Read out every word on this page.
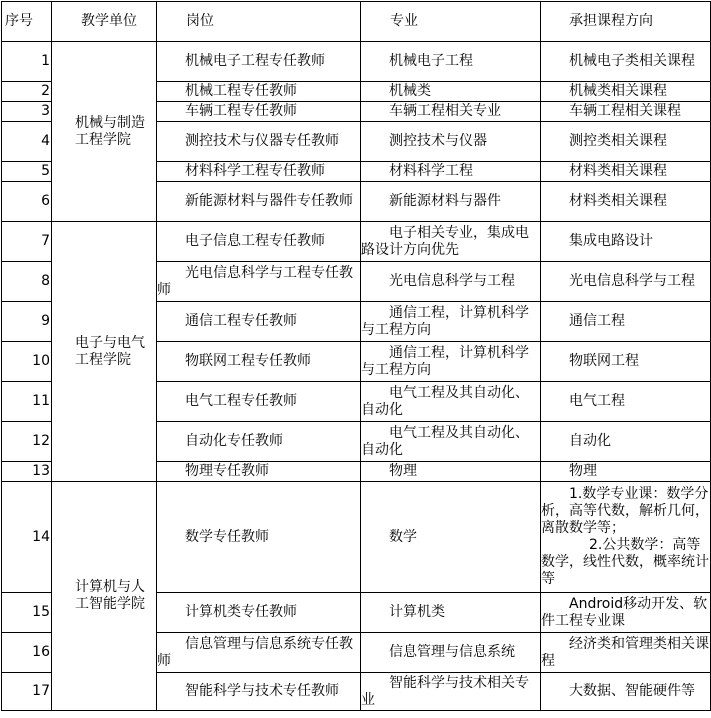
序号	教学单位	岗位	专业	承担课程方向
1	机械与制造工程学院	机械电子工程专任教师	机械电子工程	机械电子类相关课程
2		机械工程专任教师	机械类	机械类相关课程
3		车辆工程专任教师	车辆工程相关专业	车辆工程相关课程
4		测控技术与仪器专任教师	测控技术与仪器	测控类相关课程
5		材料科学工程专任教师	材料科学工程	材料类相关课程
6		新能源材料与器件专任教师	新能源材料与器件	材料类相关课程
7	电子与电气工程学院	电子信息工程专任教师	电子相关专业，集成电路设计方向优先	集成电路设计
8		光电信息科学与工程专任教师	光电信息科学与工程	光电信息科学与工程
9		通信工程专任教师	通信工程，计算机科学与工程方向	通信工程
10		物联网工程专任教师	通信工程，计算机科学与工程方向	物联网工程
11		电气工程专任教师	电气工程及其自动化、自动化	电气工程
12		自动化专任教师	电气工程及其自动化、自动化	自动化
13		物理专任教师	物理	物理
14	计算机与人工智能学院	数学专任教师	数学	1.数学专业课：数学分析，高等代数，解析几何，离散数学等；
2.公共数学：高等数学，线性代数，概率统计等

15		计算机类专任教师	计算机类	Android移动开发、软件工程专业课
16		信息管理与信息系统专任教师	信息管理与信息系统	经济类和管理类相关课程
17		智能科学与技术专任教师	智能科学与技术相关专业	大数据、智能硬件等
